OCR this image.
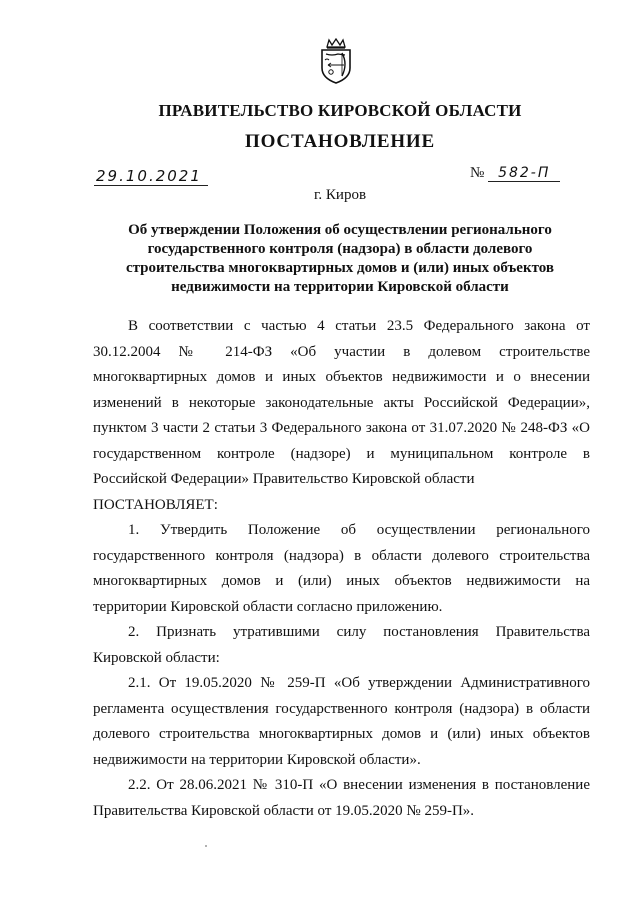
ПРАВИТЕЛЬСТВО КИРОВСКОЙ ОБЛАСТИ
ПОСТАНОВЛЕНИЕ
29.10.2021	№ 582-П
г. Киров
Об утверждении Положения об осуществлении регионального государственного контроля (надзора) в области долевого строительства многоквартирных домов и (или) иных объектов недвижимости на территории Кировской области

В соответствии с частью 4 статьи 23.5 Федерального закона от 30.12.2004 № 214-ФЗ «Об участии в долевом строительстве многоквартирных домов и иных объектов недвижимости и о внесении изменений в некоторые законодательные акты Российской Федерации», пунктом 3 части 2 статьи 3 Федерального закона от 31.07.2020 № 248-ФЗ «О государственном контроле (надзоре) и муниципальном контроле в Российской Федерации» Правительство Кировской области

ПОСТАНОВЛЯЕТ:

1. Утвердить Положение об осуществлении регионального государственного контроля (надзора) в области долевого строительства многоквартирных домов и (или) иных объектов недвижимости на территории Кировской области согласно приложению.

2. Признать утратившими силу постановления Правительства Кировской области:

2.1. От 19.05.2020 № 259-П «Об утверждении Административного регламента осуществления государственного контроля (надзора) в области долевого строительства многоквартирных домов и (или) иных объектов недвижимости на территории Кировской области».

2.2. От 28.06.2021 № 310-П «О внесении изменения в постановление Правительства Кировской области от 19.05.2020 № 259-П».
